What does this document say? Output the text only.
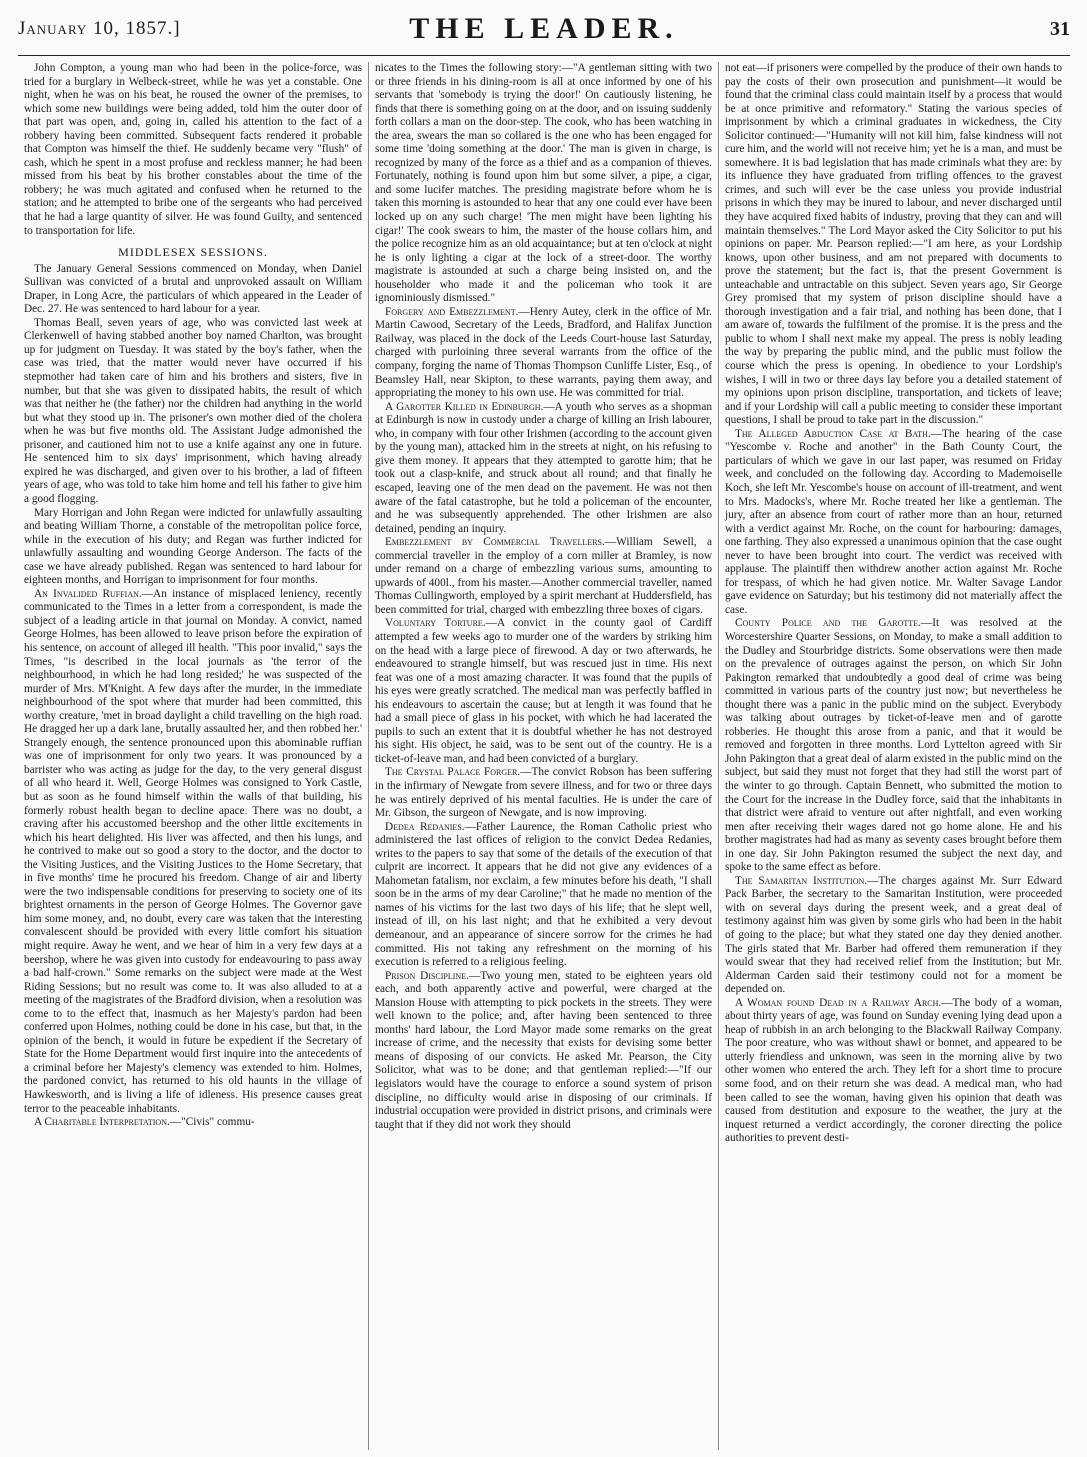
January 10, 1857.]	THE LEADER.	31

John Compton, a young man who had been in the police-force, was tried for a burglary in Welbeck-street, while he was yet a constable. One night, when he was on his beat, he roused the owner of the premises, to which some new buildings were being added, told him the outer door of that part was open, and, going in, called his attention to the fact of a robbery having been committed. Subsequent facts rendered it probable that Compton was himself the thief. He suddenly became very "flush" of cash, which he spent in a most profuse and reckless manner; he had been missed from his beat by his brother constables about the time of the robbery; he was much agitated and confused when he returned to the station; and he attempted to bribe one of the sergeants who had perceived that he had a large quantity of silver. He was found Guilty, and sentenced to transportation for life.

MIDDLESEX SESSIONS.

The January General Sessions commenced on Monday, when Daniel Sullivan was convicted of a brutal and unprovoked assault on William Draper, in Long Acre, the particulars of which appeared in the Leader of Dec. 27. He was sentenced to hard labour for a year.

Thomas Beall, seven years of age, who was convicted last week at Clerkenwell of having stabbed another boy named Charlton, was brought up for judgment on Tuesday. It was stated by the boy's father, when the case was tried, that the matter would never have occurred if his stepmother had taken care of him and his brothers and sisters, five in number, but that she was given to dissipated habits, the result of which was that neither he (the father) nor the children had anything in the world but what they stood up in. The prisoner's own mother died of the cholera when he was but five months old. The Assistant Judge admonished the prisoner, and cautioned him not to use a knife against any one in future. He sentenced him to six days' imprisonment, which having already expired he was discharged, and given over to his brother, a lad of fifteen years of age, who was told to take him home and tell his father to give him a good flogging.

Mary Horrigan and John Regan were indicted for unlawfully assaulting and beating William Thorne, a constable of the metropolitan police force, while in the execution of his duty; and Regan was further indicted for unlawfully assaulting and wounding George Anderson. The facts of the case we have already published. Regan was sentenced to hard labour for eighteen months, and Horrigan to imprisonment for four months.

An Invalided Ruffian.—An instance of misplaced leniency, recently communicated to the Times in a letter from a correspondent, is made the subject of a leading article in that journal on Monday. A convict, named George Holmes, has been allowed to leave prison before the expiration of his sentence, on account of alleged ill health. "This poor invalid," says the Times, "is described in the local journals as 'the terror of the neighbourhood, in which he had long resided;' he was suspected of the murder of Mrs. M'Knight. A few days after the murder, in the immediate neighbourhood of the spot where that murder had been committed, this worthy creature, 'met in broad daylight a child travelling on the high road. He dragged her up a dark lane, brutally assaulted her, and then robbed her.' Strangely enough, the sentence pronounced upon this abominable ruffian was one of imprisonment for only two years. It was pronounced by a barrister who was acting as judge for the day, to the very general disgust of all who heard it. Well, George Holmes was consigned to York Castle, but as soon as he found himself within the walls of that building, his formerly robust health began to decline apace. There was no doubt, a craving after his accustomed beershop and the other little excitements in which his heart delighted. His liver was affected, and then his lungs, and he contrived to make out so good a story to the doctor, and the doctor to the Visiting Justices, and the Visiting Justices to the Home Secretary, that in five months' time he procured his freedom. Change of air and liberty were the two indispensable conditions for preserving to society one of its brightest ornaments in the person of George Holmes. The Governor gave him some money, and, no doubt, every care was taken that the interesting convalescent should be provided with every little comfort his situation might require. Away he went, and we hear of him in a very few days at a beershop, where he was given into custody for endeavouring to pass away a bad half-crown." Some remarks on the subject were made at the West Riding Sessions; but no result was come to. It was also alluded to at a meeting of the magistrates of the Bradford division, when a resolution was come to to the effect that, inasmuch as her Majesty's pardon had been conferred upon Holmes, nothing could be done in his case, but that, in the opinion of the bench, it would in future be expedient if the Secretary of State for the Home Department would first inquire into the antecedents of a criminal before her Majesty's clemency was extended to him. Holmes, the pardoned convict, has returned to his old haunts in the village of Hawkesworth, and is living a life of idleness. His presence causes great terror to the peaceable inhabitants.

A Charitable Interpretation.—"Civis" commu-

nicates to the Times the following story:—"A gentleman sitting with two or three friends in his dining-room is all at once informed by one of his servants that 'somebody is trying the door!' On cautiously listening, he finds that there is something going on at the door, and on issuing suddenly forth collars a man on the door-step. The cook, who has been watching in the area, swears the man so collared is the one who has been engaged for some time 'doing something at the door.' The man is given in charge, is recognized by many of the force as a thief and as a companion of thieves. Fortunately, nothing is found upon him but some silver, a pipe, a cigar, and some lucifer matches. The presiding magistrate before whom he is taken this morning is astounded to hear that any one could ever have been locked up on any such charge! 'The men might have been lighting his cigar!' The cook swears to him, the master of the house collars him, and the police recognize him as an old acquaintance; but at ten o'clock at night he is only lighting a cigar at the lock of a street-door. The worthy magistrate is astounded at such a charge being insisted on, and the householder who made it and the policeman who took it are ignominiously dismissed."

Forgery and Embezzlement.—Henry Autey, clerk in the office of Mr. Martin Cawood, Secretary of the Leeds, Bradford, and Halifax Junction Railway, was placed in the dock of the Leeds Court-house last Saturday, charged with purloining three several warrants from the office of the company, forging the name of Thomas Thompson Cunliffe Lister, Esq., of Beamsley Hall, near Skipton, to these warrants, paying them away, and appropriating the money to his own use. He was committed for trial.

A Garotter Killed in Edinburgh.—A youth who serves as a shopman at Edinburgh is now in custody under a charge of killing an Irish labourer, who, in company with four other Irishmen (according to the account given by the young man), attacked him in the streets at night, on his refusing to give them money. It appears that they attempted to garotte him; that he took out a clasp-knife, and struck about all round; and that finally he escaped, leaving one of the men dead on the pavement. He was not then aware of the fatal catastrophe, but he told a policeman of the encounter, and he was subsequently apprehended. The other Irishmen are also detained, pending an inquiry.

Embezzlement by Commercial Travellers.—William Sewell, a commercial traveller in the employ of a corn miller at Bramley, is now under remand on a charge of embezzling various sums, amounting to upwards of 400l., from his master.—Another commercial traveller, named Thomas Cullingworth, employed by a spirit merchant at Huddersfield, has been committed for trial, charged with embezzling three boxes of cigars.

Voluntary Torture.—A convict in the county gaol of Cardiff attempted a few weeks ago to murder one of the warders by striking him on the head with a large piece of firewood. A day or two afterwards, he endeavoured to strangle himself, but was rescued just in time. His next feat was one of a most amazing character. It was found that the pupils of his eyes were greatly scratched. The medical man was perfectly baffled in his endeavours to ascertain the cause; but at length it was found that he had a small piece of glass in his pocket, with which he had lacerated the pupils to such an extent that it is doubtful whether he has not destroyed his sight. His object, he said, was to be sent out of the country. He is a ticket-of-leave man, and had been convicted of a burglary.

The Crystal Palace Forger.—The convict Robson has been suffering in the infirmary of Newgate from severe illness, and for two or three days he was entirely deprived of his mental faculties. He is under the care of Mr. Gibson, the surgeon of Newgate, and is now improving.

Dedea Redanies.—Father Laurence, the Roman Catholic priest who administered the last offices of religion to the convict Dedea Redanies, writes to the papers to say that some of the details of the execution of that culprit are incorrect. It appears that he did not give any evidences of a Mahometan fatalism, nor exclaim, a few minutes before his death, "I shall soon be in the arms of my dear Caroline;" that he made no mention of the names of his victims for the last two days of his life; that he slept well, instead of ill, on his last night; and that he exhibited a very devout demeanour, and an appearance of sincere sorrow for the crimes he had committed. His not taking any refreshment on the morning of his execution is referred to a religious feeling.

Prison Discipline.—Two young men, stated to be eighteen years old each, and both apparently active and powerful, were charged at the Mansion House with attempting to pick pockets in the streets. They were well known to the police; and, after having been sentenced to three months' hard labour, the Lord Mayor made some remarks on the great increase of crime, and the necessity that exists for devising some better means of disposing of our convicts. He asked Mr. Pearson, the City Solicitor, what was to be done; and that gentleman replied:—"If our legislators would have the courage to enforce a sound system of prison discipline, no difficulty would arise in disposing of our criminals. If industrial occupation were provided in district prisons, and criminals were taught that if they did not work they should

not eat—if prisoners were compelled by the produce of their own hands to pay the costs of their own prosecution and punishment—it would be found that the criminal class could maintain itself by a process that would be at once primitive and reformatory." Stating the various species of imprisonment by which a criminal graduates in wickedness, the City Solicitor continued:—"Humanity will not kill him, false kindness will not cure him, and the world will not receive him; yet he is a man, and must be somewhere. It is bad legislation that has made criminals what they are: by its influence they have graduated from trifling offences to the gravest crimes, and such will ever be the case unless you provide industrial prisons in which they may be inured to labour, and never discharged until they have acquired fixed habits of industry, proving that they can and will maintain themselves." The Lord Mayor asked the City Solicitor to put his opinions on paper. Mr. Pearson replied:—"I am here, as your Lordship knows, upon other business, and am not prepared with documents to prove the statement; but the fact is, that the present Government is unteachable and untractable on this subject. Seven years ago, Sir George Grey promised that my system of prison discipline should have a thorough investigation and a fair trial, and nothing has been done, that I am aware of, towards the fulfilment of the promise. It is the press and the public to whom I shall next make my appeal. The press is nobly leading the way by preparing the public mind, and the public must follow the course which the press is opening. In obedience to your Lordship's wishes, I will in two or three days lay before you a detailed statement of my opinions upon prison discipline, transportation, and tickets of leave; and if your Lordship will call a public meeting to consider these important questions, I shall be proud to take part in the discussion."

The Alleged Abduction Case at Bath.—The hearing of the case "Yescombe v. Roche and another" in the Bath County Court, the particulars of which we gave in our last paper, was resumed on Friday week, and concluded on the following day. According to Mademoiselle Koch, she left Mr. Yescombe's house on account of ill-treatment, and went to Mrs. Madocks's, where Mr. Roche treated her like a gentleman. The jury, after an absence from court of rather more than an hour, returned with a verdict against Mr. Roche, on the count for harbouring: damages, one farthing. They also expressed a unanimous opinion that the case ought never to have been brought into court. The verdict was received with applause. The plaintiff then withdrew another action against Mr. Roche for trespass, of which he had given notice. Mr. Walter Savage Landor gave evidence on Saturday; but his testimony did not materially affect the case.

County Police and the Garotte.—It was resolved at the Worcestershire Quarter Sessions, on Monday, to make a small addition to the Dudley and Stourbridge districts. Some observations were then made on the prevalence of outrages against the person, on which Sir John Pakington remarked that undoubtedly a good deal of crime was being committed in various parts of the country just now; but nevertheless he thought there was a panic in the public mind on the subject. Everybody was talking about outrages by ticket-of-leave men and of garotte robberies. He thought this arose from a panic, and that it would be removed and forgotten in three months. Lord Lyttelton agreed with Sir John Pakington that a great deal of alarm existed in the public mind on the subject, but said they must not forget that they had still the worst part of the winter to go through. Captain Bennett, who submitted the motion to the Court for the increase in the Dudley force, said that the inhabitants in that district were afraid to venture out after nightfall, and even working men after receiving their wages dared not go home alone. He and his brother magistrates had had as many as seventy cases brought before them in one day. Sir John Pakington resumed the subject the next day, and spoke to the same effect as before.

The Samaritan Institution.—The charges against Mr. Surr Edward Pack Barber, the secretary to the Samaritan Institution, were proceeded with on several days during the present week, and a great deal of testimony against him was given by some girls who had been in the habit of going to the place; but what they stated one day they denied another. The girls stated that Mr. Barber had offered them remuneration if they would swear that they had received relief from the Institution; but Mr. Alderman Carden said their testimony could not for a moment be depended on.

A Woman found Dead in a Railway Arch.—The body of a woman, about thirty years of age, was found on Sunday evening lying dead upon a heap of rubbish in an arch belonging to the Blackwall Railway Company. The poor creature, who was without shawl or bonnet, and appeared to be utterly friendless and unknown, was seen in the morning alive by two other women who entered the arch. They left for a short time to procure some food, and on their return she was dead. A medical man, who had been called to see the woman, having given his opinion that death was caused from destitution and exposure to the weather, the jury at the inquest returned a verdict accordingly, the coroner directing the police authorities to prevent desti-
